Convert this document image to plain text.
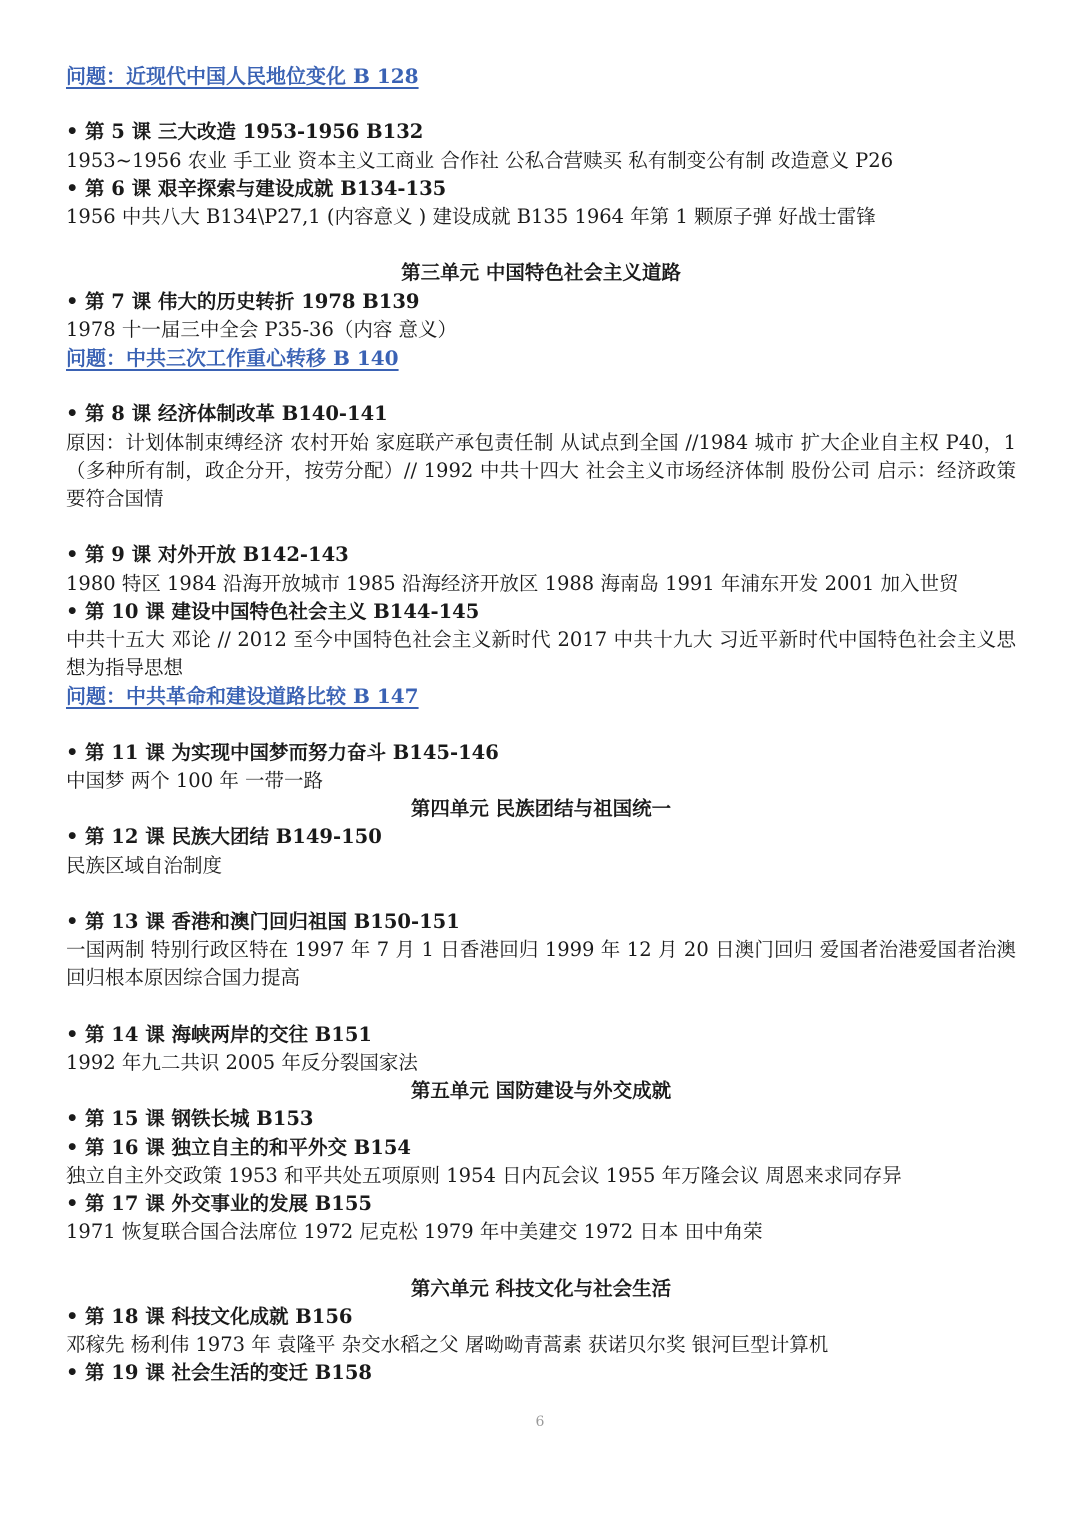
问题：近现代中国人民地位变化 B 128
• 第 5 课 三大改造 1953-1956 B132
1953~1956 农业 手工业 资本主义工商业 合作社 公私合营赎买 私有制变公有制 改造意义 P26
• 第 6 课 艰辛探索与建设成就 B134-135
1956 中共八大 B134\P27,1 (内容意义 ) 建设成就 B135 1964 年第 1 颗原子弹 好战士雷锋
第三单元 中国特色社会主义道路
• 第 7 课 伟大的历史转折 1978 B139
1978 十一届三中全会 P35-36（内容 意义）
问题：中共三次工作重心转移 B 140
• 第 8 课 经济体制改革 B140-141
原因：计划体制束缚经济 农村开始 家庭联产承包责任制 从试点到全国 //1984 城市 扩大企业自主权 P40，1 （多种所有制，政企分开，按劳分配）// 1992 中共十四大 社会主义市场经济体制 股份公司 启示：经济政策要符合国情
• 第 9 课 对外开放 B142-143
1980 特区 1984 沿海开放城市 1985 沿海经济开放区 1988 海南岛 1991 年浦东开发 2001 加入世贸
• 第 10 课 建设中国特色社会主义 B144-145
中共十五大 邓论 // 2012 至今中国特色社会主义新时代 2017 中共十九大 习近平新时代中国特色社会主义思想为指导思想
问题：中共革命和建设道路比较 B 147
• 第 11 课 为实现中国梦而努力奋斗 B145-146
中国梦 两个 100 年 一带一路
第四单元 民族团结与祖国统一
• 第 12 课 民族大团结 B149-150
民族区域自治制度
• 第 13 课 香港和澳门回归祖国 B150-151
一国两制 特别行政区特在 1997 年 7 月 1 日香港回归 1999 年 12 月 20 日澳门回归 爱国者治港爱国者治澳 回归根本原因综合国力提高
• 第 14 课 海峡两岸的交往 B151
1992 年九二共识 2005 年反分裂国家法
第五单元 国防建设与外交成就
• 第 15 课 钢铁长城 B153
• 第 16 课 独立自主的和平外交 B154
独立自主外交政策 1953 和平共处五项原则 1954 日内瓦会议 1955 年万隆会议 周恩来求同存异
• 第 17 课 外交事业的发展 B155
1971 恢复联合国合法席位 1972 尼克松 1979 年中美建交 1972 日本 田中角荣
第六单元 科技文化与社会生活
• 第 18 课 科技文化成就 B156
邓稼先 杨利伟 1973 年 袁隆平 杂交水稻之父 屠呦呦青蒿素 获诺贝尔奖 银河巨型计算机
• 第 19 课 社会生活的变迁 B158
6
